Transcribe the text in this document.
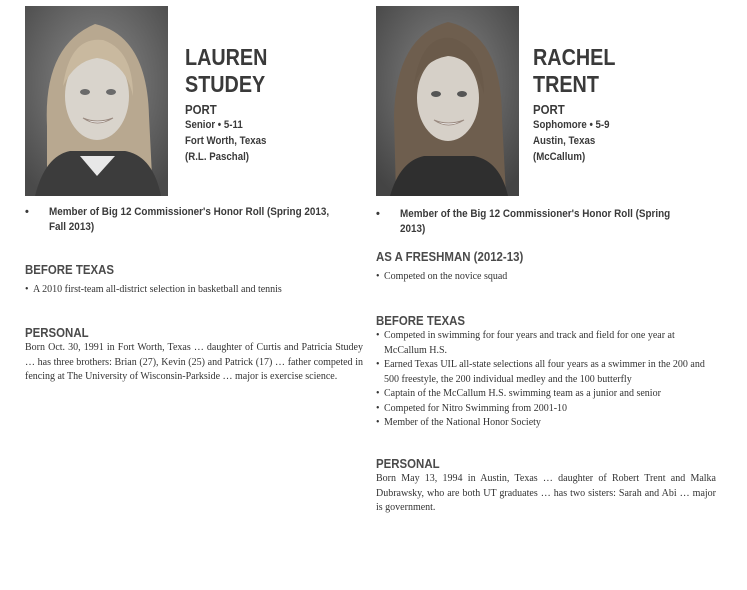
LAUREN
STUDEY
PORT
Senior • 5-11
Fort Worth, Texas
(R.L. Paschal)
• Member of Big 12 Commissioner's Honor Roll (Spring 2013, Fall 2013)
BEFORE TEXAS
• A 2010 first-team all-district selection in basketball and tennis
PERSONAL
Born Oct. 30, 1991 in Fort Worth, Texas … daughter of Curtis and Patricia Studey … has three brothers: Brian (27), Kevin (25) and Patrick (17) … father competed in fencing at The University of Wisconsin-Parkside … major is exercise science.
RACHEL
TRENT
PORT
Sophomore • 5-9
Austin, Texas
(McCallum)
• Member of the Big 12 Commissioner's Honor Roll (Spring 2013)
AS A FRESHMAN (2012-13)
• Competed on the novice squad
BEFORE TEXAS
• Competed in swimming for four years and track and field for one year at McCallum H.S.
• Earned Texas UIL all-state selections all four years as a swimmer in the 200 and 500 freestyle, the 200 individual medley and the 100 butterfly
• Captain of the McCallum H.S. swimming team as a junior and senior
• Competed for Nitro Swimming from 2001-10
• Member of the National Honor Society
PERSONAL
Born May 13, 1994 in Austin, Texas … daughter of Robert Trent and Malka Dubrawsky, who are both UT graduates … has two sisters: Sarah and Abi … major is government.
